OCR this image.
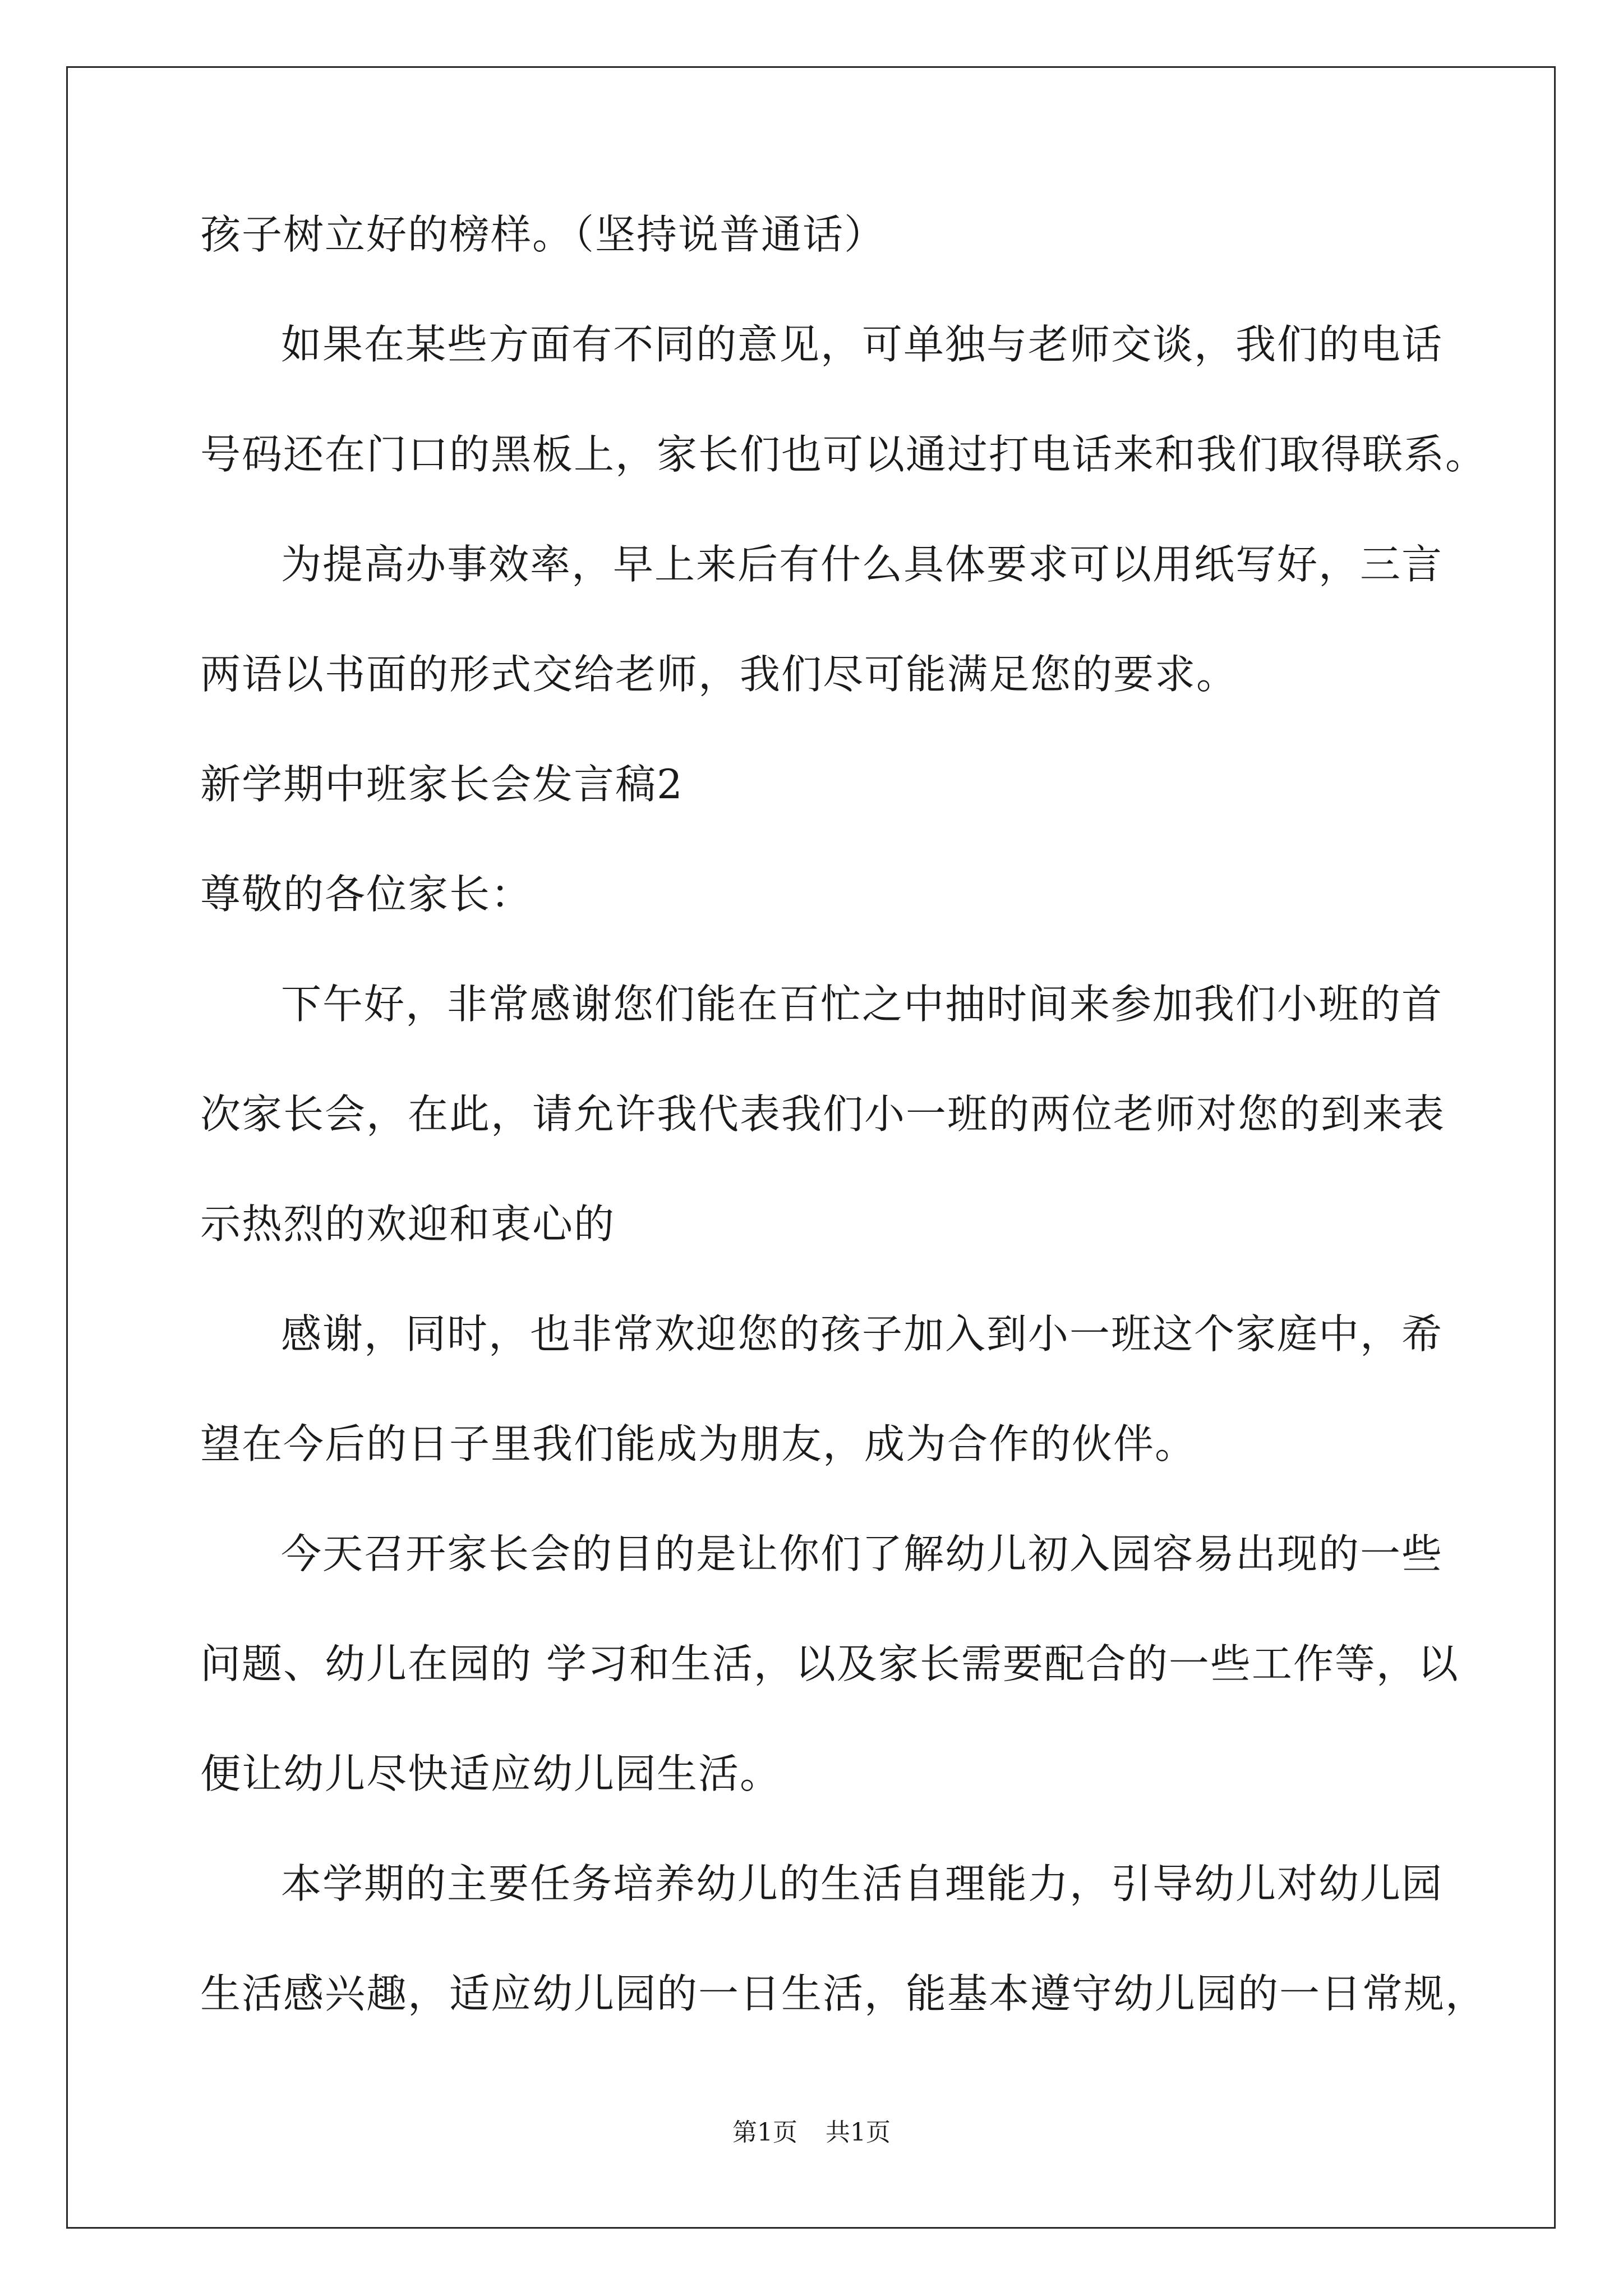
孩子树立好的榜样。（坚持说普通话）
如果在某些方面有不同的意见，可单独与老师交谈，我们的电话
号码还在门口的黑板上，家长们也可以通过打电话来和我们取得联系。
为提高办事效率，早上来后有什么具体要求可以用纸写好，三言
两语以书面的形式交给老师，我们尽可能满足您的要求。
新学期中班家长会发言稿2
尊敬的各位家长：
下午好，非常感谢您们能在百忙之中抽时间来参加我们小班的首
次家长会，在此，请允许我代表我们小一班的两位老师对您的到来表
示热烈的欢迎和衷心的
感谢，同时，也非常欢迎您的孩子加入到小一班这个家庭中，希
望在今后的日子里我们能成为朋友，成为合作的伙伴。
今天召开家长会的目的是让你们了解幼儿初入园容易出现的一些
问题、幼儿在园的 学习和生活，以及家长需要配合的一些工作等，以
便让幼儿尽快适应幼儿园生活。
本学期的主要任务培养幼儿的生活自理能力，引导幼儿对幼儿园
生活感兴趣，适应幼儿园的一日生活，能基本遵守幼儿园的一日常规，
第1页 共1页
